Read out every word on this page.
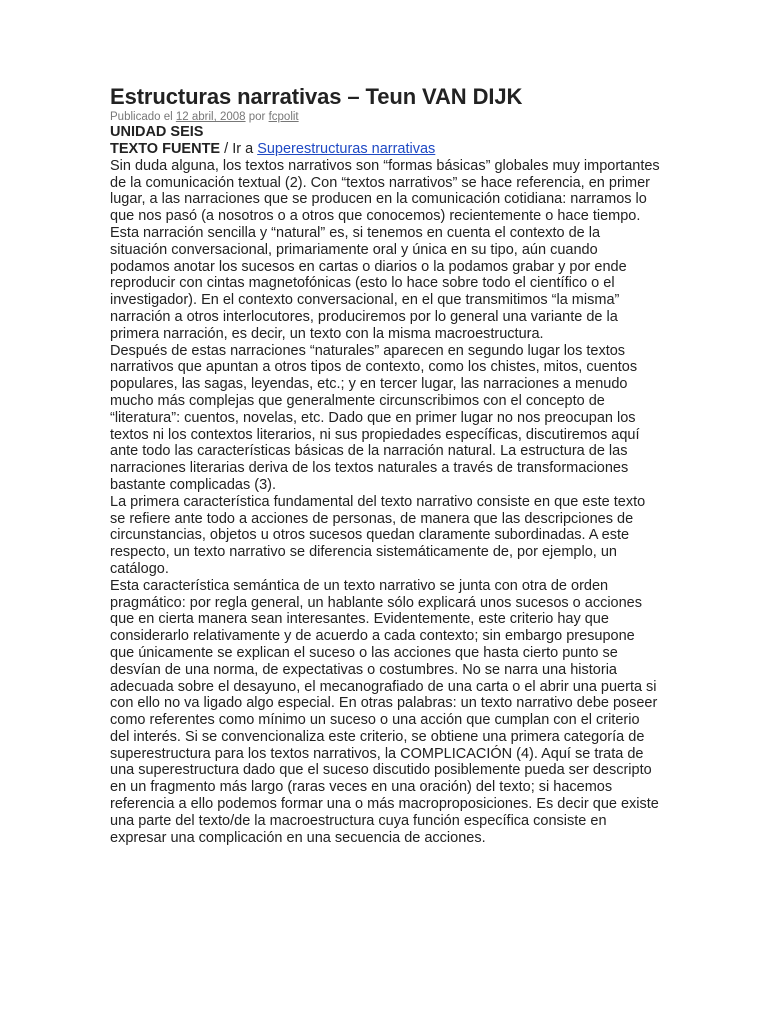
Estructuras narrativas – Teun VAN DIJK

Publicado el 12 abril, 2008 por fcpolit

UNIDAD SEIS

TEXTO FUENTE / Ir a Superestructuras narrativas

Sin duda alguna, los textos narrativos son “formas básicas” globales muy importantes de la comunicación textual (2). Con “textos narrativos” se hace referencia, en primer lugar, a las narraciones que se producen en la comunicación cotidiana: narramos lo que nos pasó (a nosotros o a otros que conocemos) recientemente o hace tiempo.

Esta narración sencilla y “natural” es, si tenemos en cuenta el contexto de la situación conversacional, primariamente oral y única en su tipo, aún cuando podamos anotar los sucesos en cartas o diarios o la podamos grabar y por ende reproducir con cintas magnetofónicas (esto lo hace sobre todo el científico o el investigador). En el contexto conversacional, en el que transmitimos “la misma” narración a otros interlocutores, produciremos por lo general una variante de la primera narración, es decir, un texto con la misma macroestructura.

Después de estas narraciones “naturales” aparecen en segundo lugar los textos narrativos que apuntan a otros tipos de contexto, como los chistes, mitos, cuentos populares, las sagas, leyendas, etc.; y en tercer lugar, las narraciones a menudo mucho más complejas que generalmente circunscribimos con el concepto de “literatura”: cuentos, novelas, etc. Dado que en primer lugar no nos preocupan los textos ni los contextos literarios, ni sus propiedades específicas, discutiremos aquí ante todo las características básicas de la narración natural. La estructura de las narraciones literarias deriva de los textos naturales a través de transformaciones bastante complicadas (3).

La primera característica fundamental del texto narrativo consiste en que este texto se refiere ante todo a acciones de personas, de manera que las descripciones de circunstancias, objetos u otros sucesos quedan claramente subordinadas. A este respecto, un texto narrativo se diferencia sistemáticamente de, por ejemplo, un catálogo.

Esta característica semántica de un texto narrativo se junta con otra de orden pragmático: por regla general, un hablante sólo explicará unos sucesos o acciones que en cierta manera sean interesantes. Evidentemente, este criterio hay que considerarlo relativamente y de acuerdo a cada contexto; sin embargo presupone que únicamente se explican el suceso o las acciones que hasta cierto punto se desvían de una norma, de expectativas o costumbres. No se narra una historia adecuada sobre el desayuno, el mecanografiado de una carta o el abrir una puerta si con ello no va ligado algo especial. En otras palabras: un texto narrativo debe poseer como referentes como mínimo un suceso o una acción que cumplan con el criterio del interés. Si se convencionaliza este criterio, se obtiene una primera categoría de superestructura para los textos narrativos, la COMPLICACIÓN (4). Aquí se trata de una superestructura dado que el suceso discutido posiblemente pueda ser descripto en un fragmento más largo (raras veces en una oración) del texto; si hacemos referencia a ello podemos formar una o más macroproposiciones. Es decir que existe una parte del texto/de la macroestructura cuya función específica consiste en expresar una complicación en una secuencia de acciones.
